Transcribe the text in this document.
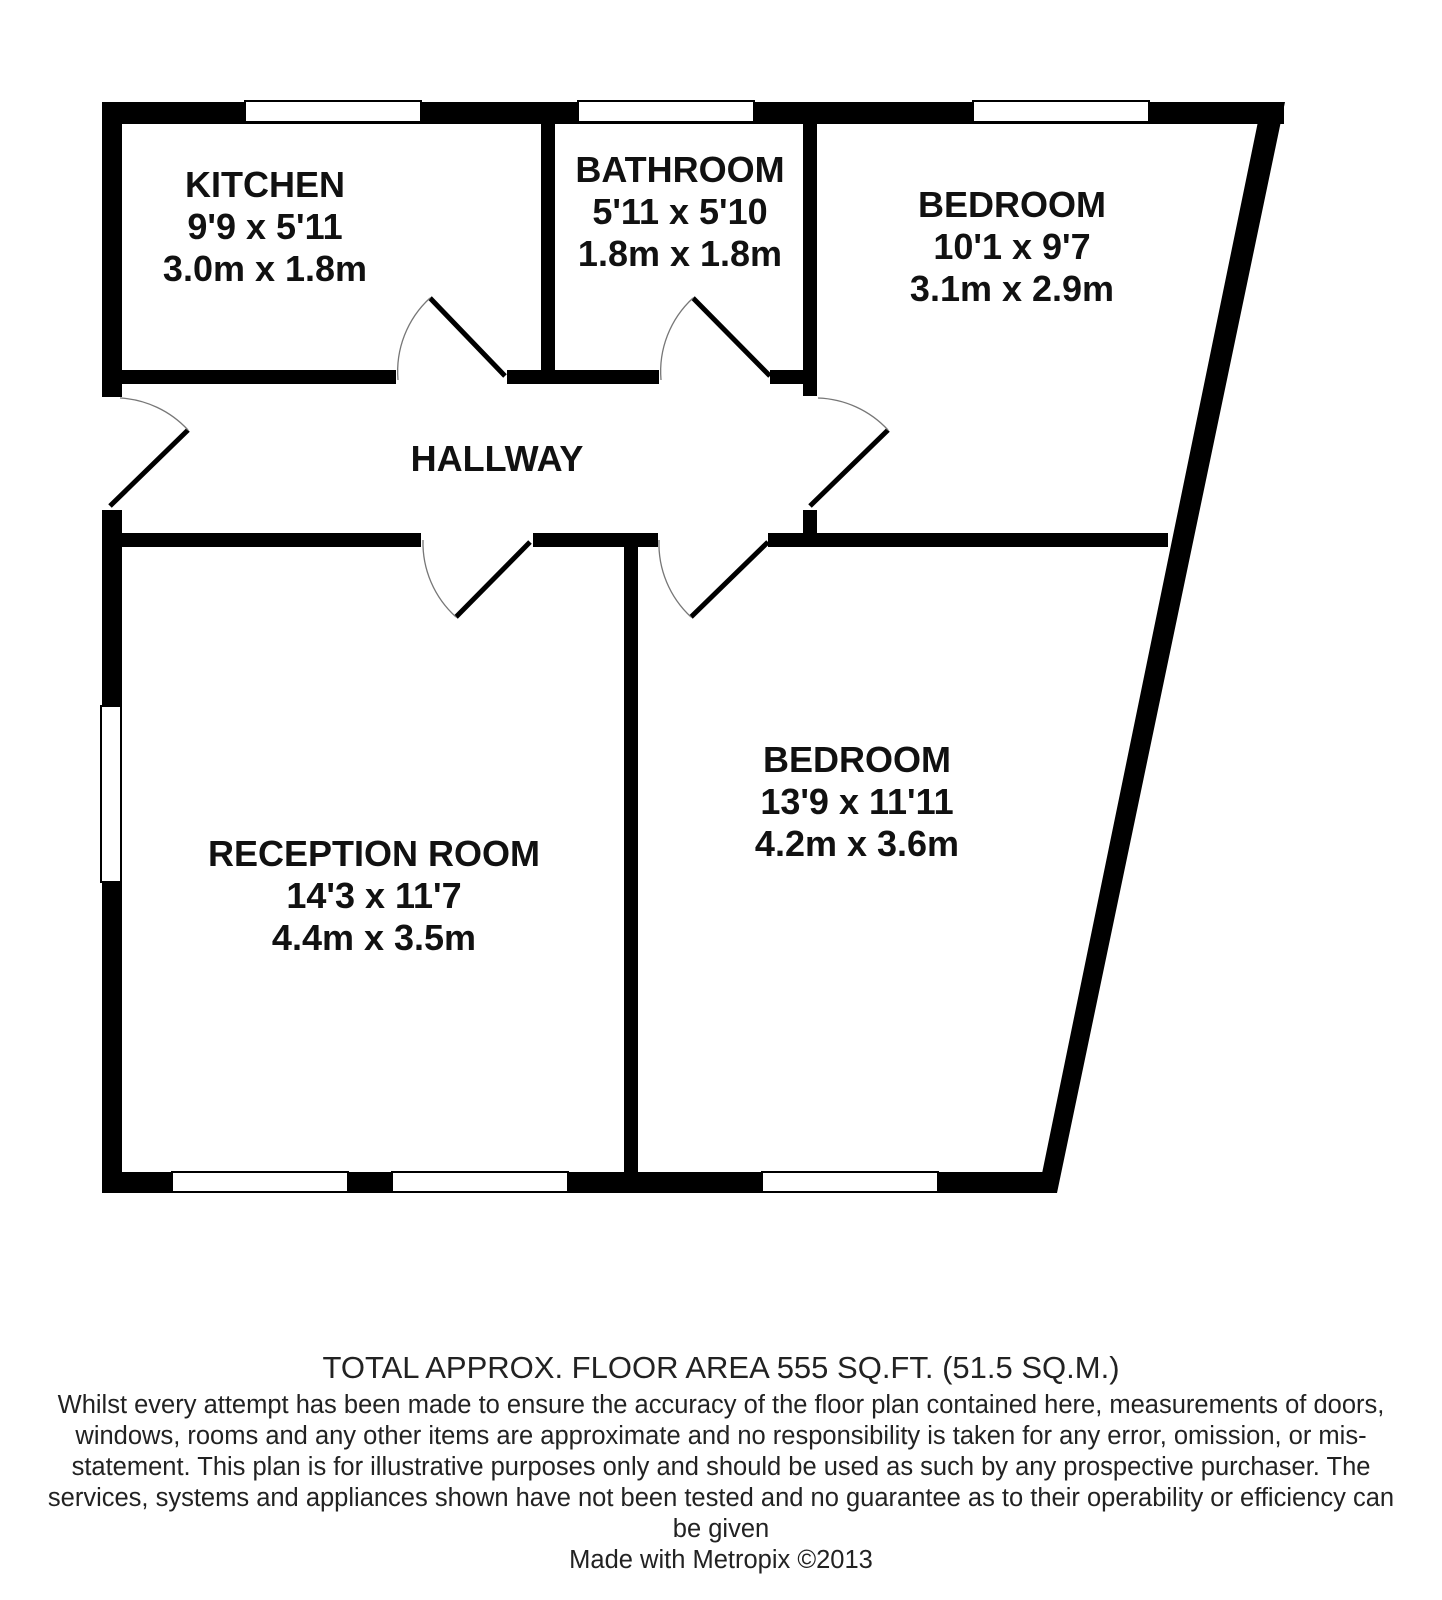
KITCHEN
9'9 x 5'11
3.0m x 1.8m
BATHROOM
5'11 x 5'10
1.8m x 1.8m
BEDROOM
10'1 x 9'7
3.1m x 2.9m
HALLWAY
RECEPTION ROOM
14'3 x 11'7
4.4m x 3.5m
BEDROOM
13'9 x 11'11
4.2m x 3.6m
TOTAL APPROX. FLOOR AREA 555 SQ.FT. (51.5 SQ.M.)
Whilst every attempt has been made to ensure the accuracy of the floor plan contained here, measurements of doors, windows, rooms and any other items are approximate and no responsibility is taken for any error, omission, or mis-statement. This plan is for illustrative purposes only and should be used as such by any prospective purchaser. The services, systems and appliances shown have not been tested and no guarantee as to their operability or efficiency can be given
Made with Metropix ©2013
